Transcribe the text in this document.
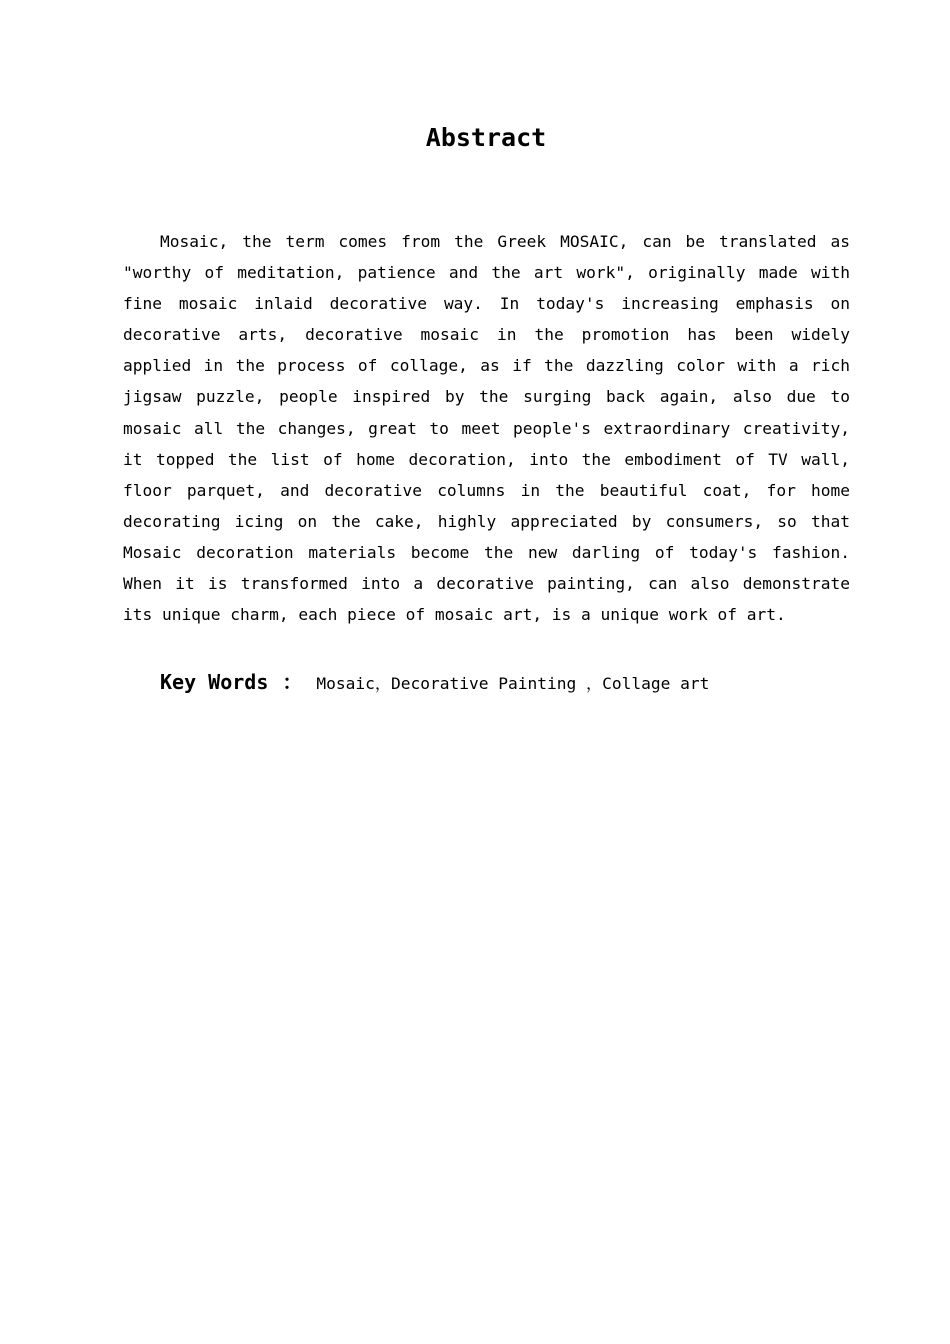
Abstract

Mosaic, the term comes from the Greek MOSAIC, can be translated as "worthy of meditation, patience and the art work", originally made with fine mosaic inlaid decorative way. In today's increasing emphasis on decorative arts, decorative mosaic in the promotion has been widely applied in the process of collage, as if the dazzling color with a rich jigsaw puzzle, people inspired by the surging back again, also due to mosaic all the changes, great to meet people's extraordinary creativity, it topped the list of home decoration, into the embodiment of TV wall, floor parquet, and decorative columns in the beautiful coat, for home decorating icing on the cake, highly appreciated by consumers, so that Mosaic decoration materials become the new darling of today's fashion. When it is transformed into a decorative painting, can also demonstrate its unique charm, each piece of mosaic art, is a unique work of art.

Key Words ： Mosaic，Decorative Painting ，Collage art
